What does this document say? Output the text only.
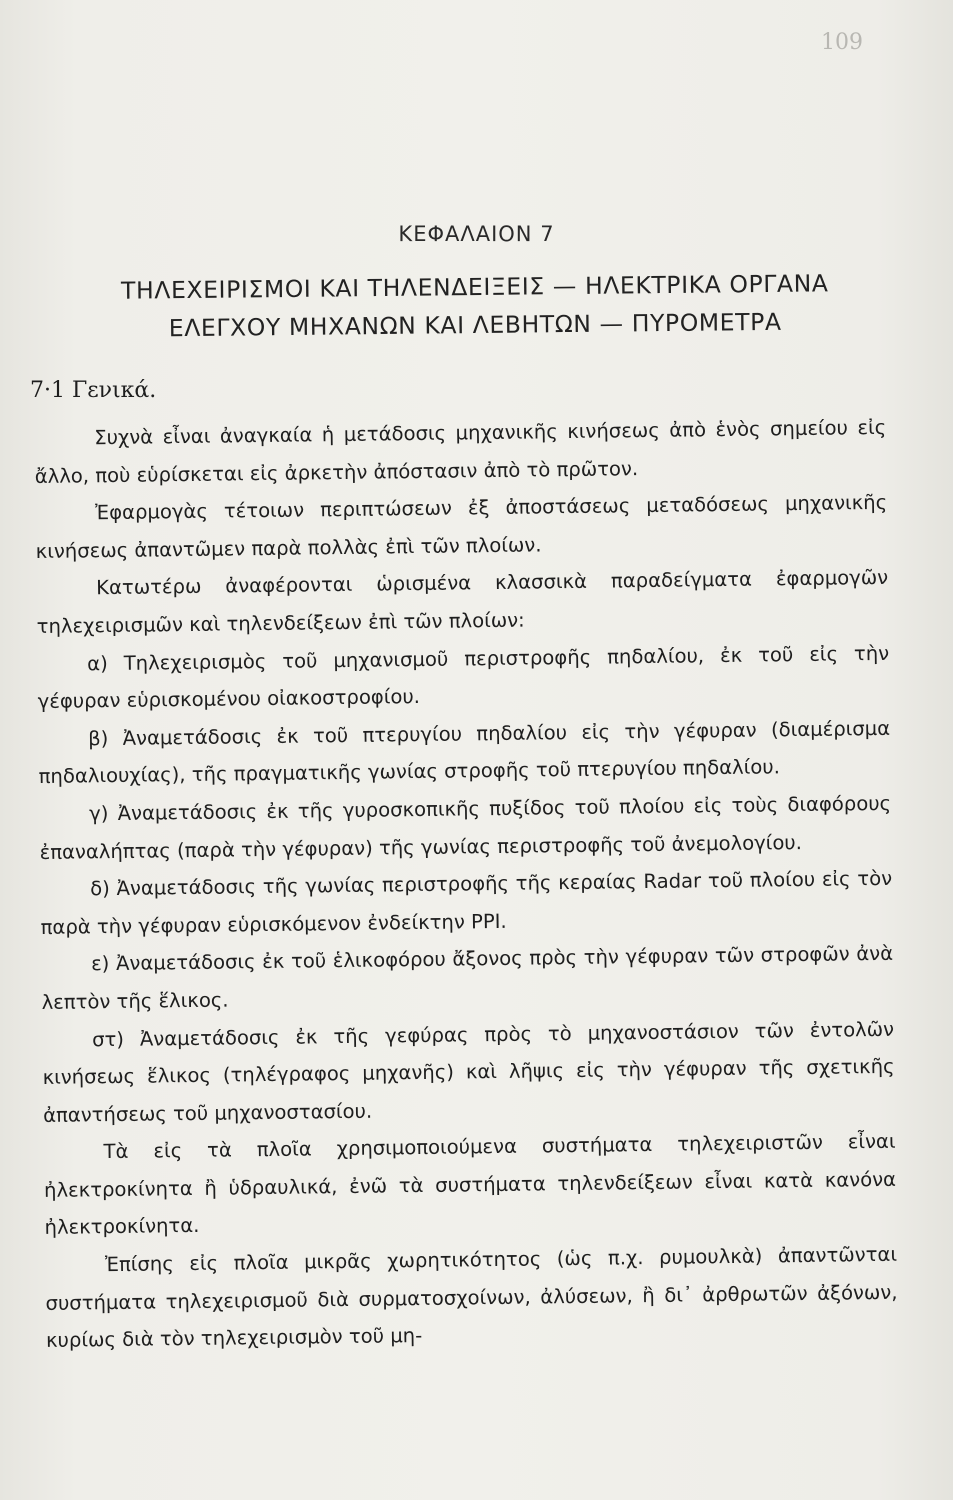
109
ΚΕΦΑΛΑΙΟΝ 7
ΤΗΛΕΧΕΙΡΙΣΜΟΙ ΚΑΙ ΤΗΛΕΝΔΕΙΞΕΙΣ — ΗΛΕΚΤΡΙΚΑ ΟΡΓΑΝΑ
ΕΛΕΓΧΟΥ ΜΗΧΑΝΩΝ ΚΑΙ ΛΕΒΗΤΩΝ — ΠΥΡΟΜΕΤΡΑ
7·1 Γενικά.

Συχνὰ εἶναι ἀναγκαία ἡ μετάδοσις μηχανικῆς κινήσεως ἀπὸ ἑνὸς σημείου εἰς ἄλλο, ποὺ εὑρίσκεται εἰς ἀρκετὴν ἀπόστασιν ἀπὸ τὸ πρῶτον.

Ἐφαρμογὰς τέτοιων περιπτώσεων ἐξ ἀποστάσεως μεταδόσεως μηχανικῆς κινήσεως ἀπαντῶμεν παρὰ πολλὰς ἐπὶ τῶν πλοίων.

Κατωτέρω ἀναφέρονται ὡρισμένα κλασσικὰ παραδείγματα ἐφαρμογῶν τηλεχειρισμῶν καὶ τηλενδείξεων ἐπὶ τῶν πλοίων:

α) Τηλεχειρισμὸς τοῦ μηχανισμοῦ περιστροφῆς πηδαλίου, ἐκ τοῦ εἰς τὴν γέφυραν εὑρισκομένου οἰακοστροφίου.

β) Ἀναμετάδοσις ἐκ τοῦ πτερυγίου πηδαλίου εἰς τὴν γέφυραν (διαμέρισμα πηδαλιουχίας), τῆς πραγματικῆς γωνίας στροφῆς τοῦ πτερυγίου πηδαλίου.

γ) Ἀναμετάδοσις ἐκ τῆς γυροσκοπικῆς πυξίδος τοῦ πλοίου εἰς τοὺς διαφόρους ἐπαναλήπτας (παρὰ τὴν γέφυραν) τῆς γωνίας περιστροφῆς τοῦ ἀνεμολογίου.

δ) Ἀναμετάδοσις τῆς γωνίας περιστροφῆς τῆς κεραίας Radar τοῦ πλοίου εἰς τὸν παρὰ τὴν γέφυραν εὑρισκόμενον ἐνδείκτην PPI.

ε) Ἀναμετάδοσις ἐκ τοῦ ἑλικοφόρου ἄξονος πρὸς τὴν γέφυραν τῶν στροφῶν ἀνὰ λεπτὸν τῆς ἕλικος.

στ) Ἀναμετάδοσις ἐκ τῆς γεφύρας πρὸς τὸ μηχανοστάσιον τῶν ἐντολῶν κινήσεως ἕλικος (τηλέγραφος μηχανῆς) καὶ λῆψις εἰς τὴν γέφυραν τῆς σχετικῆς ἀπαντήσεως τοῦ μηχανοστασίου.

Τὰ εἰς τὰ πλοῖα χρησιμοποιούμενα συστήματα τηλεχειριστῶν εἶναι ἠλεκτροκίνητα ἢ ὑδραυλικά, ἐνῶ τὰ συστήματα τηλενδείξεων εἶναι κατὰ κανόνα ἠλεκτροκίνητα.

Ἐπίσης εἰς πλοῖα μικρᾶς χωρητικότητος (ὡς π.χ. ρυμουλκὰ) ἀπαντῶνται συστήματα τηλεχειρισμοῦ διὰ συρματοσχοίνων, ἀλύσεων, ἢ δι᾽ ἀρθρωτῶν ἀξόνων, κυρίως διὰ τὸν τηλεχειρισμὸν τοῦ μη-
